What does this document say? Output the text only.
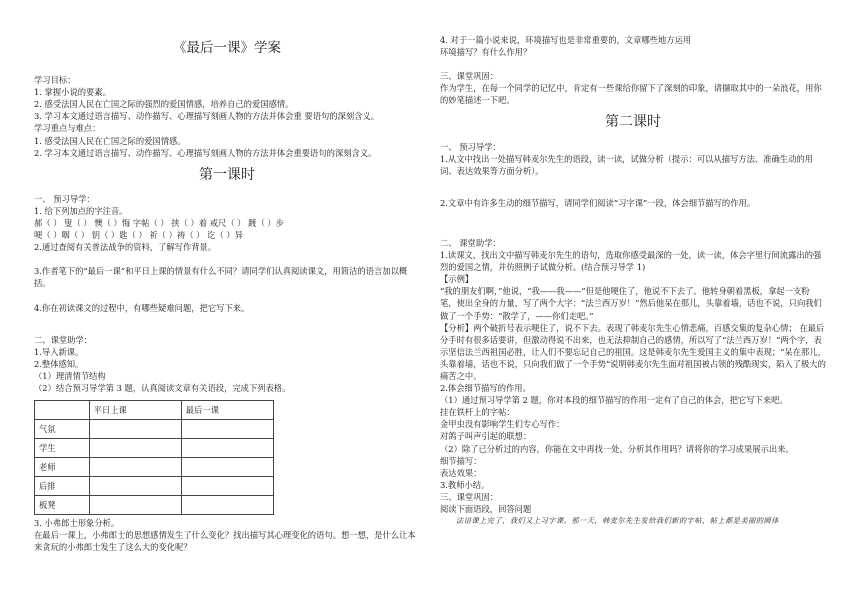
《最后一课》学案
学习目标：
1. 掌握小说的要素。
2. 感受法国人民在亡国之际的强烈的爱国情感，培养自己的爱国感情。
3. 学习本文通过语言描写、动作描写、心理描写刻画人物的方法并体会重 要语句的深刻含义。
学习重点与难点：
1. 感受法国人民在亡国之际的爱国情感。
2. 学习本文通过语言描写、动作描写、心理描写刻画人物的方法并体会重要语句的深刻含义。
第一课时
一、 预习导学：
1. 给下列加点的字注音。
郝（ ） 叟（ ） 懊（ ）悔 字帖（ ） 挟（ ）着 戒尺（ ） 踱（ ）步
哽（ ）咽（ ） 钥（ ）匙（ ） 祈（ ）祷（ ） 讫（ ）异
2.通过查阅有关普法战争的资料，了解写作背景。
3.作者笔下的“最后一课”和平日上课的情景有什么不同？请同学们认真阅读课文，用简洁的语言加以概括。
4.你在初读课文的过程中，有哪些疑难问题，把它写下来。
二、课堂助学：
1.导入新课。
2.整体感知。
（1）理清情节结构
（2）结合预习导学第 3 题，认真阅读文章有关语段，完成下列表格。
	平日上课	最后一课
气氛		
学生		
老师		
后排		
板凳		
3. 小弗郎士形象分析。
在最后一课上，小弗郎士的思想感情发生了什么变化？找出描写其心理变化的语句。想一想，是什么让本来贪玩的小弗郎士发生了这么大的变化呢？
4. 对于一篇小说来说，环境描写也是非常重要的，文章哪些地方运用
环境描写？有什么作用？
三、课堂巩固：
作为学生，在每一个同学的记忆中，肯定有一些课给你留下了深刻的印象，请撷取其中的一朵浪花，用你的妙笔描述一下吧。
第二课时
一、 预习导学：
1.从文中找出一处描写韩麦尔先生的语段，读一读，试做分析（提示：可以从描写方法、准确生动的用词、表达效果等方面分析）。
2.文章中有许多生动的细节描写，请同学们阅读“习字课”一段，体会细节描写的作用。
二、 课堂助学：
1.读课文，找出文中描写韩麦尔先生的语句，选取你感受最深的一处，读一读，体会字里行间流露出的强烈的爱国之情，并仿照例子试做分析。(结合预习导学 1)
【示例】
“我的朋友们啊，”他说，“我——我——”但是他哽住了，他说不下去了。他转身朝着黑板，拿起一支粉笔，使出全身的力量，写了两个大字：“法兰西万岁！”然后他呆在那儿，头靠着墙，话也不说，只向我们做了一个手势：“散学了，——你们走吧。”
【分析】两个破折号表示哽住了，说不下去。表现了韩麦尔先生心情悲痛，百感交集的复杂心情； 在最后分手时有很多话要讲，但激动得说不出来，也无法抑制自己的感情，所以写了“法兰西万岁！”两个字，表示坚信法兰西祖国必胜，让人们不要忘记自己的祖国。这是韩麦尔先生爱国主义的集中表现；“呆在那儿，头靠着墙，话也不说，只向我们做了一个手势”说明韩麦尔先生面对祖国被占领的残酷现实，陷入了极大的痛苦之中。
2.体会细节描写的作用。
（1）通过预习导学第 2 题，你对本段的细节描写的作用一定有了自己的体会，把它写下来吧。
挂在铁杆上的字帖：
金甲虫没有影响学生们专心写作：
对鸽子叫声引起的联想：
（2）除了已分析过的内容，你能在文中再找一处，分析其作用吗？请将你的学习成果展示出来。
细节描写：
表达效果：
3.教师小结。
三、课堂巩固：
阅读下面语段，回答问题
法语课上完了，我们又上习字课。那一天，韩麦尔先生发给我们新的字帖，帖上都是美丽的圆体
